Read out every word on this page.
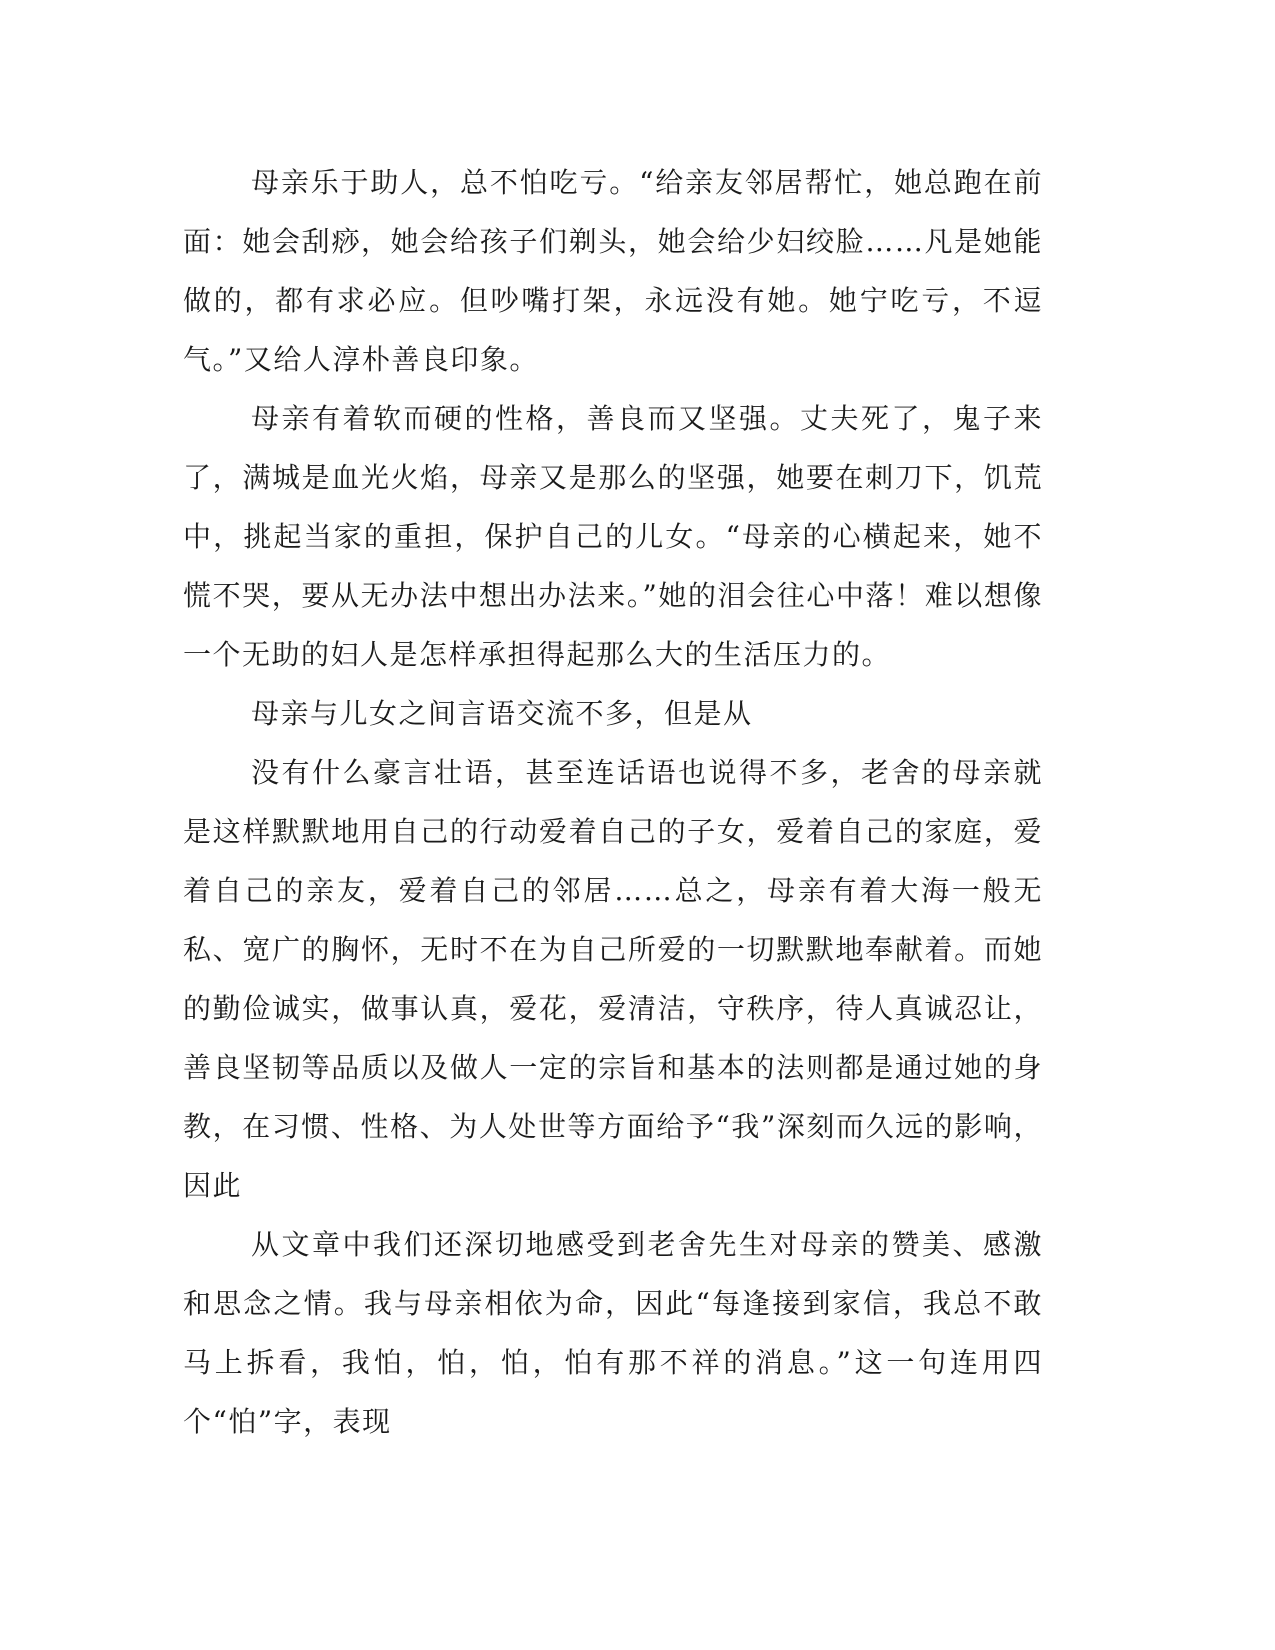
母亲乐于助人，总不怕吃亏。“给亲友邻居帮忙，她总跑在前面：她会刮痧，她会给孩子们剃头，她会给少妇绞脸……凡是她能做的，都有求必应。但吵嘴打架，永远没有她。她宁吃亏，不逗气。”又给人淳朴善良印象。

母亲有着软而硬的性格，善良而又坚强。丈夫死了，鬼子来了，满城是血光火焰，母亲又是那么的坚强，她要在刺刀下，饥荒中，挑起当家的重担，保护自己的儿女。“母亲的心横起来，她不慌不哭，要从无办法中想出办法来。”她的泪会往心中落！难以想像一个无助的妇人是怎样承担得起那么大的生活压力的。

母亲与儿女之间言语交流不多，但是从

没有什么豪言壮语，甚至连话语也说得不多，老舍的母亲就是这样默默地用自己的行动爱着自己的子女，爱着自己的家庭，爱着自己的亲友，爱着自己的邻居……总之，母亲有着大海一般无私、宽广的胸怀，无时不在为自己所爱的一切默默地奉献着。而她的勤俭诚实，做事认真，爱花，爱清洁，守秩序，待人真诚忍让，善良坚韧等品质以及做人一定的宗旨和基本的法则都是通过她的身教，在习惯、性格、为人处世等方面给予“我”深刻而久远的影响，因此

从文章中我们还深切地感受到老舍先生对母亲的赞美、感激和思念之情。我与母亲相依为命，因此“每逢接到家信，我总不敢马上拆看，我怕，怕，怕，怕有那不祥的消息。”这一句连用四个“怕”字，表现
